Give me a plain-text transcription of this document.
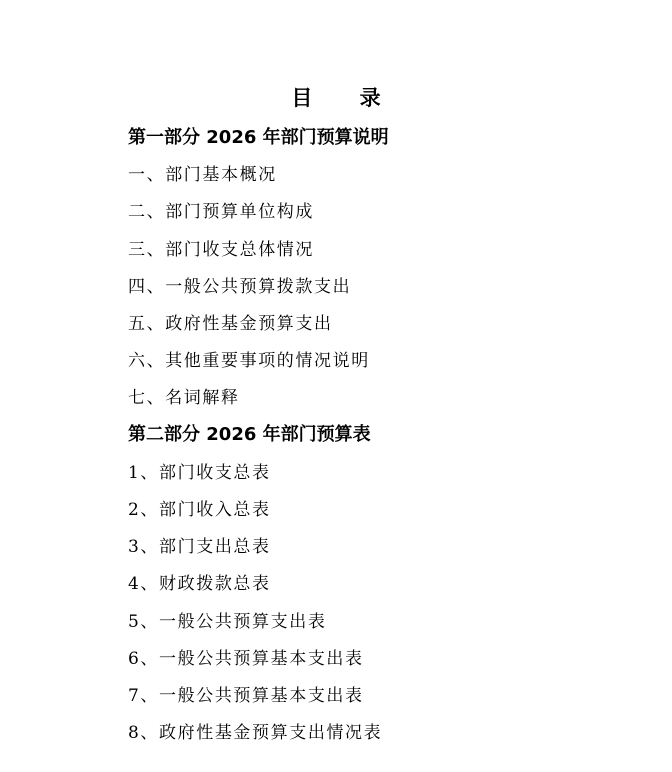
目 录
第一部分 2026 年部门预算说明
一、部门基本概况
二、部门预算单位构成
三、部门收支总体情况
四、一般公共预算拨款支出
五、政府性基金预算支出
六、其他重要事项的情况说明
七、名词解释
第二部分 2026 年部门预算表
1、部门收支总表
2、部门收入总表
3、部门支出总表
4、财政拨款总表
5、一般公共预算支出表
6、一般公共预算基本支出表
7、一般公共预算基本支出表
8、政府性基金预算支出情况表
